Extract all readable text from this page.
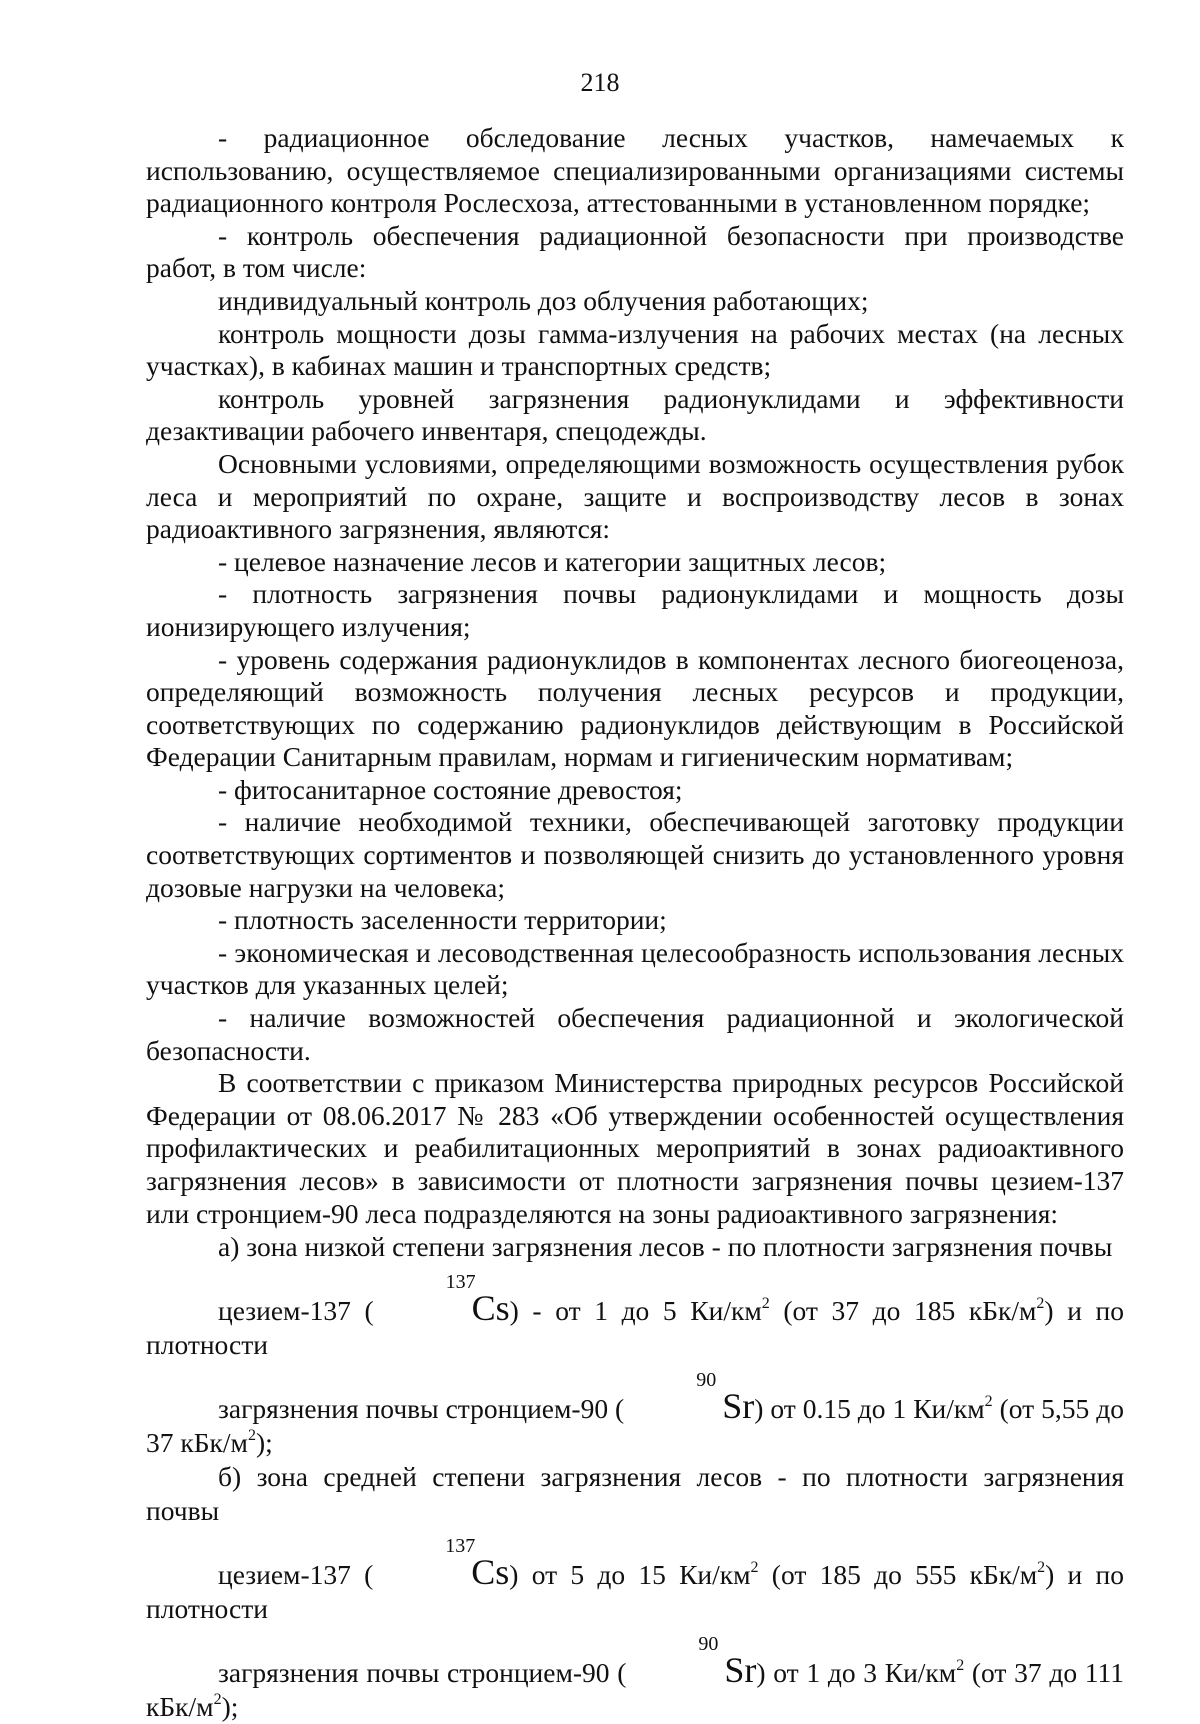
218

- радиационное обследование лесных участков, намечаемых к использованию, осуществляемое специализированными организациями системы радиационного контроля Рослесхоза, аттестованными в установленном порядке;

- контроль обеспечения радиационной безопасности при производстве работ, в том числе:

индивидуальный контроль доз облучения работающих;

контроль мощности дозы гамма-излучения на рабочих местах (на лесных участках), в кабинах машин и транспортных средств;

контроль уровней загрязнения радионуклидами и эффективности дезактивации рабочего инвентаря, спецодежды.

Основными условиями, определяющими возможность осуществления рубок леса и мероприятий по охране, защите и воспроизводству лесов в зонах радиоактивного загрязнения, являются:

- целевое назначение лесов и категории защитных лесов;

- плотность загрязнения почвы радионуклидами и мощность дозы ионизирующего излучения;

- уровень содержания радионуклидов в компонентах лесного биогеоценоза, определяющий возможность получения лесных ресурсов и продукции, соответствующих по содержанию радионуклидов действующим в Российской Федерации Санитарным правилам, нормам и гигиеническим нормативам;

- фитосанитарное состояние древостоя;

- наличие необходимой техники, обеспечивающей заготовку продукции соответствующих сортиментов и позволяющей снизить до установленного уровня дозовые нагрузки на человека;

- плотность заселенности территории;

- экономическая и лесоводственная целесообразность использования лесных участков для указанных целей;

- наличие возможностей обеспечения радиационной и экологической безопасности.

В соответствии с приказом Министерства природных ресурсов Российской Федерации от 08.06.2017 № 283 «Об утверждении особенностей осуществления профилактических и реабилитационных мероприятий в зонах радиоактивного загрязнения лесов» в зависимости от плотности загрязнения почвы цезием-137 или стронцием-90 леса подразделяются на зоны радиоактивного загрязнения:

а) зона низкой степени загрязнения лесов - по плотности загрязнения почвы
цезием-137 (
137
Cs) - от 1 до 5 $Ки/км^2$ (от 37 до 185 кБк/$м^2$) и по плотности
загрязнения почвы стронцием-90 (
90
Sr) от 0.15 до 1 $Ки/км^2$ (от 5,55 до 37 кБк/$м^2$);

б) зона средней степени загрязнения лесов - по плотности загрязнения почвы
цезием-137 (
137
Cs) от 5 до 15 $Ки/км^2$ (от 185 до 555 кБк/$м^2$) и по плотности
загрязнения почвы стронцием-90 (
90
Sr) от 1 до 3 $Ки/км^2$ (от 37 до 111 кБк/$м^2$);
